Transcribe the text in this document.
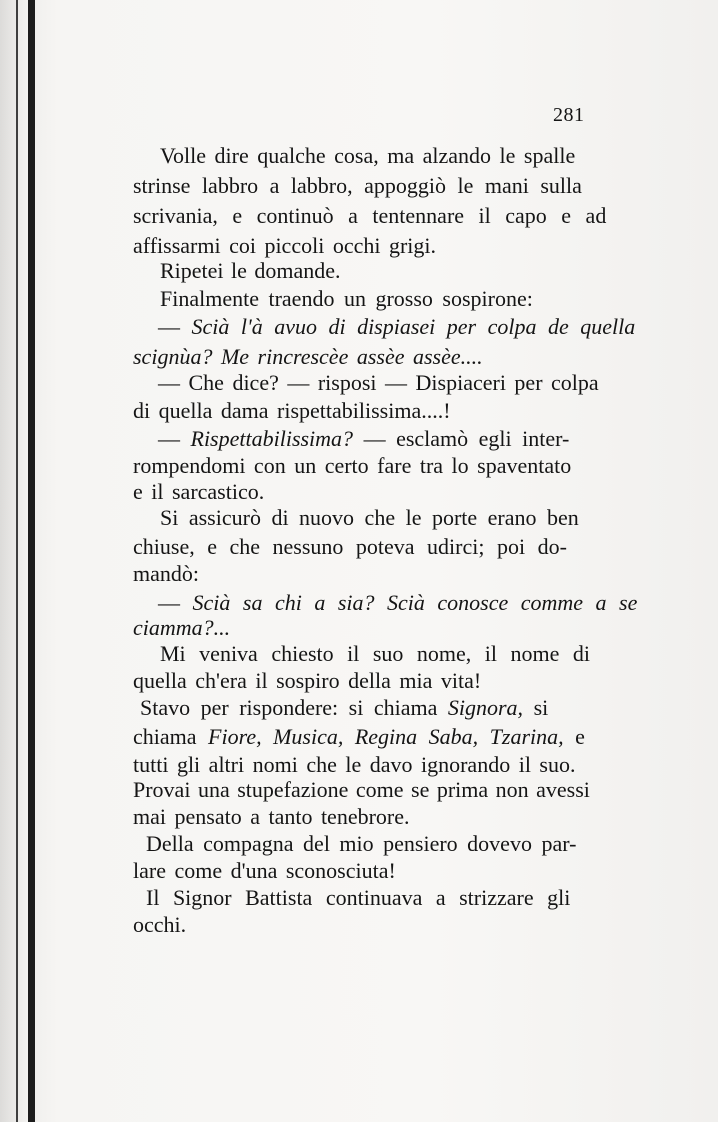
281
Volle dire qualche cosa, ma alzando le spalle
strinse labbro a labbro, appoggiò le mani sulla
scrivania, e continuò a tentennare il capo e ad
affissarmi coi piccoli occhi grigi.
Ripetei le domande.
Finalmente traendo un grosso sospirone:
— Scià l'à avuo di dispiasei per colpa de quella
scignùa? Me rincrescèe assèe assèe....
— Che dice? — risposi — Dispiaceri per colpa
di quella dama rispettabilissima....!
— Rispettabilissima? — esclamò egli inter-
rompendomi con un certo fare tra lo spaventato
e il sarcastico.
Si assicurò di nuovo che le porte erano ben
chiuse, e che nessuno poteva udirci; poi do-
mandò:
— Scià sa chi a sia? Scià conosce comme a se
ciamma?...
Mi veniva chiesto il suo nome, il nome di
quella ch'era il sospiro della mia vita!
Stavo per rispondere: si chiama Signora, si
chiama Fiore, Musica, Regina Saba, Tzarina, e
tutti gli altri nomi che le davo ignorando il suo.
Provai una stupefazione come se prima non avessi
mai pensato a tanto tenebrore.
Della compagna del mio pensiero dovevo par-
lare come d'una sconosciuta!
Il Signor Battista continuava a strizzare gli
occhi.
